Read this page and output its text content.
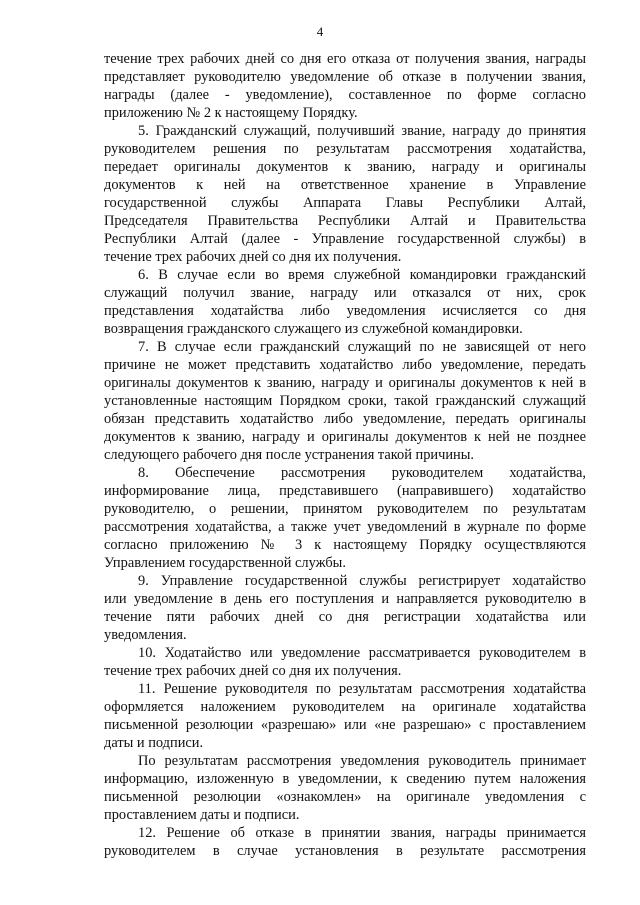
4
течение трех рабочих дней со дня его отказа от получения звания, награды
представляет руководителю уведомление об отказе в получении звания,
награды (далее - уведомление), составленное по форме согласно
приложению № 2 к настоящему Порядку.
5. Гражданский служащий, получивший звание, награду до принятия
руководителем решения по результатам рассмотрения ходатайства,
передает оригиналы документов к званию, награду и оригиналы
документов к ней на ответственное хранение в Управление
государственной службы Аппарата Главы Республики Алтай,
Председателя Правительства Республики Алтай и Правительства
Республики Алтай (далее - Управление государственной службы) в
течение трех рабочих дней со дня их получения.
6. В случае если во время служебной командировки гражданский
служащий получил звание, награду или отказался от них, срок
представления ходатайства либо уведомления исчисляется со дня
возвращения гражданского служащего из служебной командировки.
7. В случае если гражданский служащий по не зависящей от него
причине не может представить ходатайство либо уведомление, передать
оригиналы документов к званию, награду и оригиналы документов к ней в
установленные настоящим Порядком сроки, такой гражданский служащий
обязан представить ходатайство либо уведомление, передать оригиналы
документов к званию, награду и оригиналы документов к ней не позднее
следующего рабочего дня после устранения такой причины.
8. Обеспечение рассмотрения руководителем ходатайства,
информирование лица, представившего (направившего) ходатайство
руководителю, о решении, принятом руководителем по результатам
рассмотрения ходатайства, а также учет уведомлений в журнале по форме
согласно приложению № 3 к настоящему Порядку осуществляются
Управлением государственной службы.
9. Управление государственной службы регистрирует ходатайство
или уведомление в день его поступления и направляется руководителю в
течение пяти рабочих дней со дня регистрации ходатайства или
уведомления.
10. Ходатайство или уведомление рассматривается руководителем в
течение трех рабочих дней со дня их получения.
11. Решение руководителя по результатам рассмотрения ходатайства
оформляется наложением руководителем на оригинале ходатайства
письменной резолюции «разрешаю» или «не разрешаю» с проставлением
даты и подписи.
По результатам рассмотрения уведомления руководитель принимает
информацию, изложенную в уведомлении, к сведению путем наложения
письменной резолюции «ознакомлен» на оригинале уведомления с
проставлением даты и подписи.
12. Решение об отказе в принятии звания, награды принимается
руководителем в случае установления в результате рассмотрения
